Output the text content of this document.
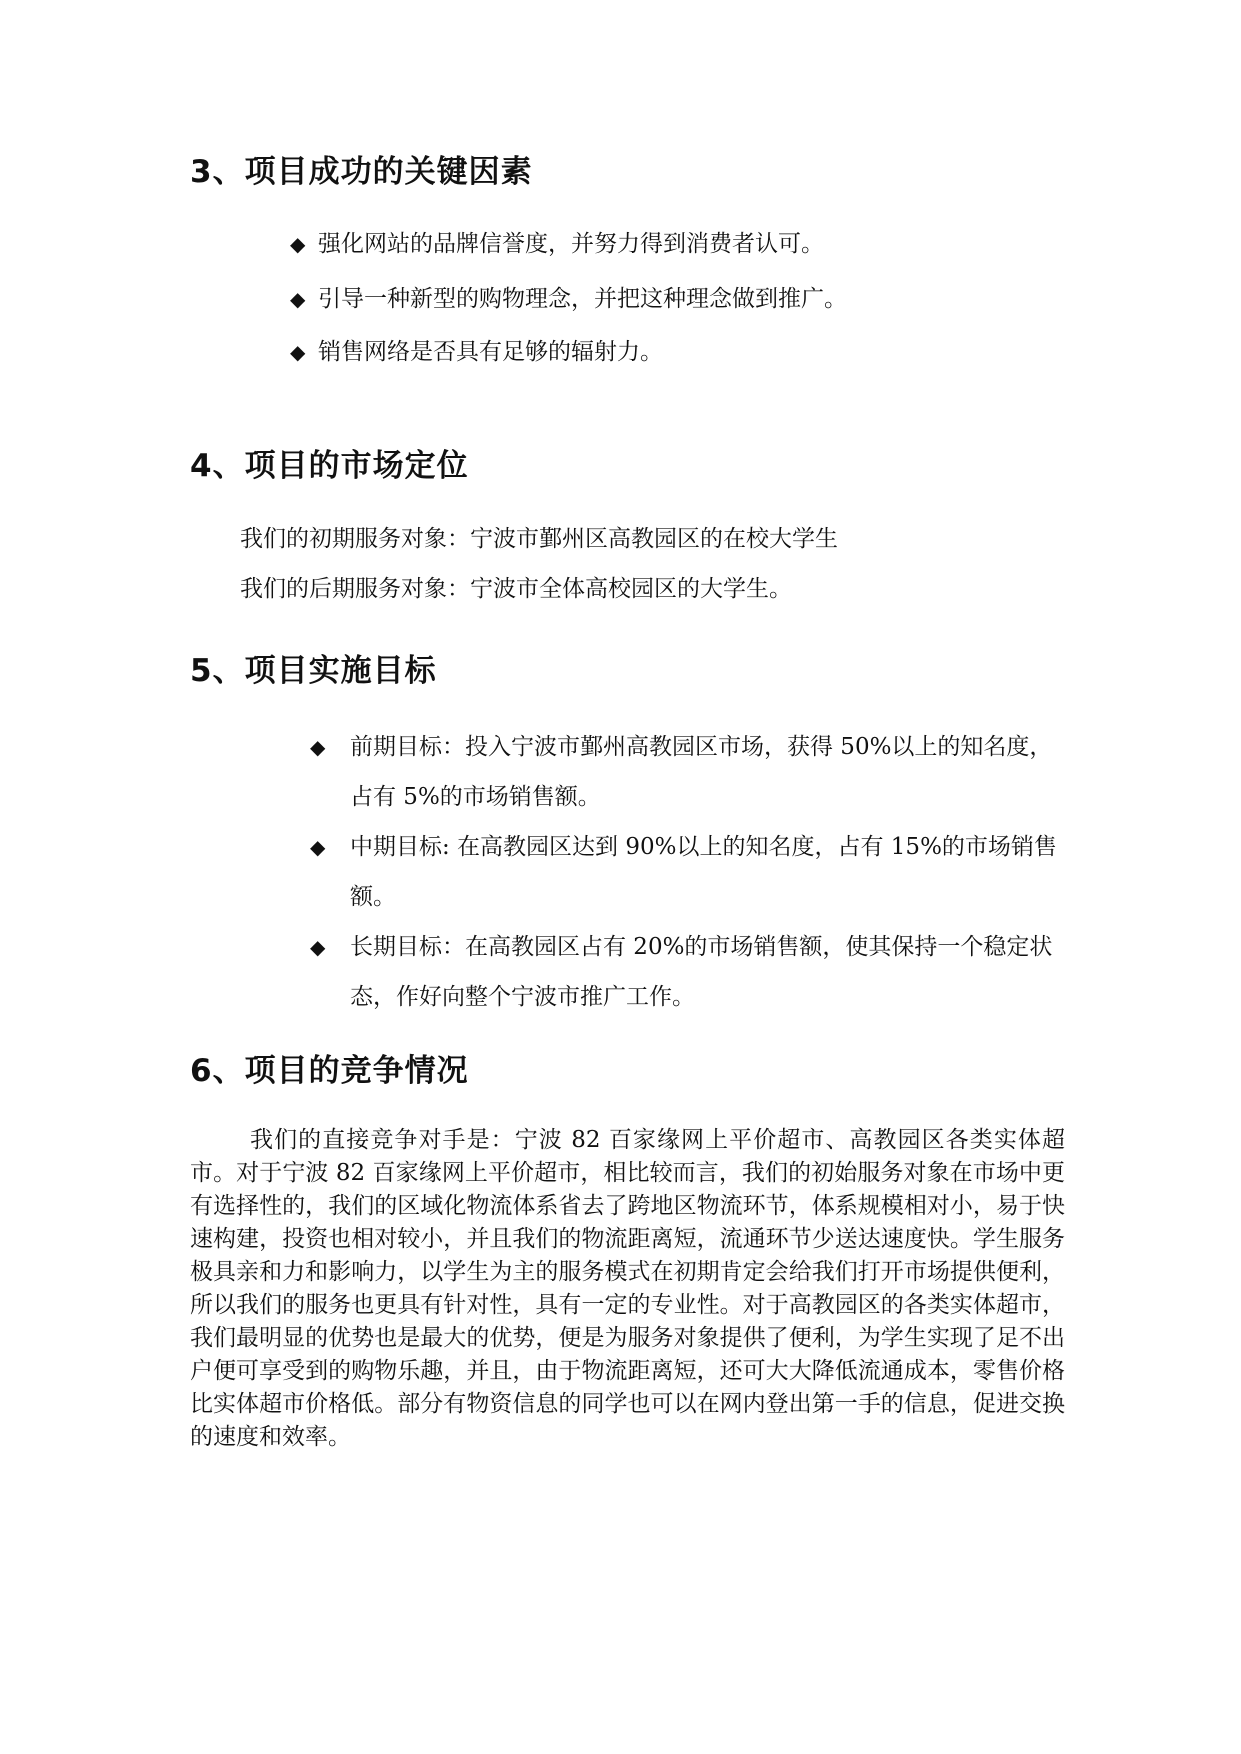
3、项目成功的关键因素
◆ 强化网站的品牌信誉度，并努力得到消费者认可。
◆ 引导一种新型的购物理念，并把这种理念做到推广。
◆ 销售网络是否具有足够的辐射力。
4、项目的市场定位
我们的初期服务对象：宁波市鄞州区高教园区的在校大学生
我们的后期服务对象：宁波市全体高校园区的大学生。
5、项目实施目标
◆ 前期目标：投入宁波市鄞州高教园区市场，获得 50%以上的知名度，占有 5%的市场销售额。
◆ 中期目标: 在高教园区达到 90%以上的知名度，占有 15%的市场销售额。
◆ 长期目标：在高教园区占有 20%的市场销售额，使其保持一个稳定状态，作好向整个宁波市推广工作。
6、项目的竞争情况
我们的直接竞争对手是：宁波 82 百家缘网上平价超市、高教园区各类实体超市。对于宁波 82 百家缘网上平价超市，相比较而言，我们的初始服务对象在市场中更有选择性的，我们的区域化物流体系省去了跨地区物流环节，体系规模相对小，易于快速构建，投资也相对较小，并且我们的物流距离短，流通环节少送达速度快。学生服务极具亲和力和影响力，以学生为主的服务模式在初期肯定会给我们打开市场提供便利，所以我们的服务也更具有针对性，具有一定的专业性。对于高教园区的各类实体超市，我们最明显的优势也是最大的优势，便是为服务对象提供了便利，为学生实现了足不出户便可享受到的购物乐趣，并且，由于物流距离短，还可大大降低流通成本，零售价格比实体超市价格低。部分有物资信息的同学也可以在网内登出第一手的信息，促进交换的速度和效率。
